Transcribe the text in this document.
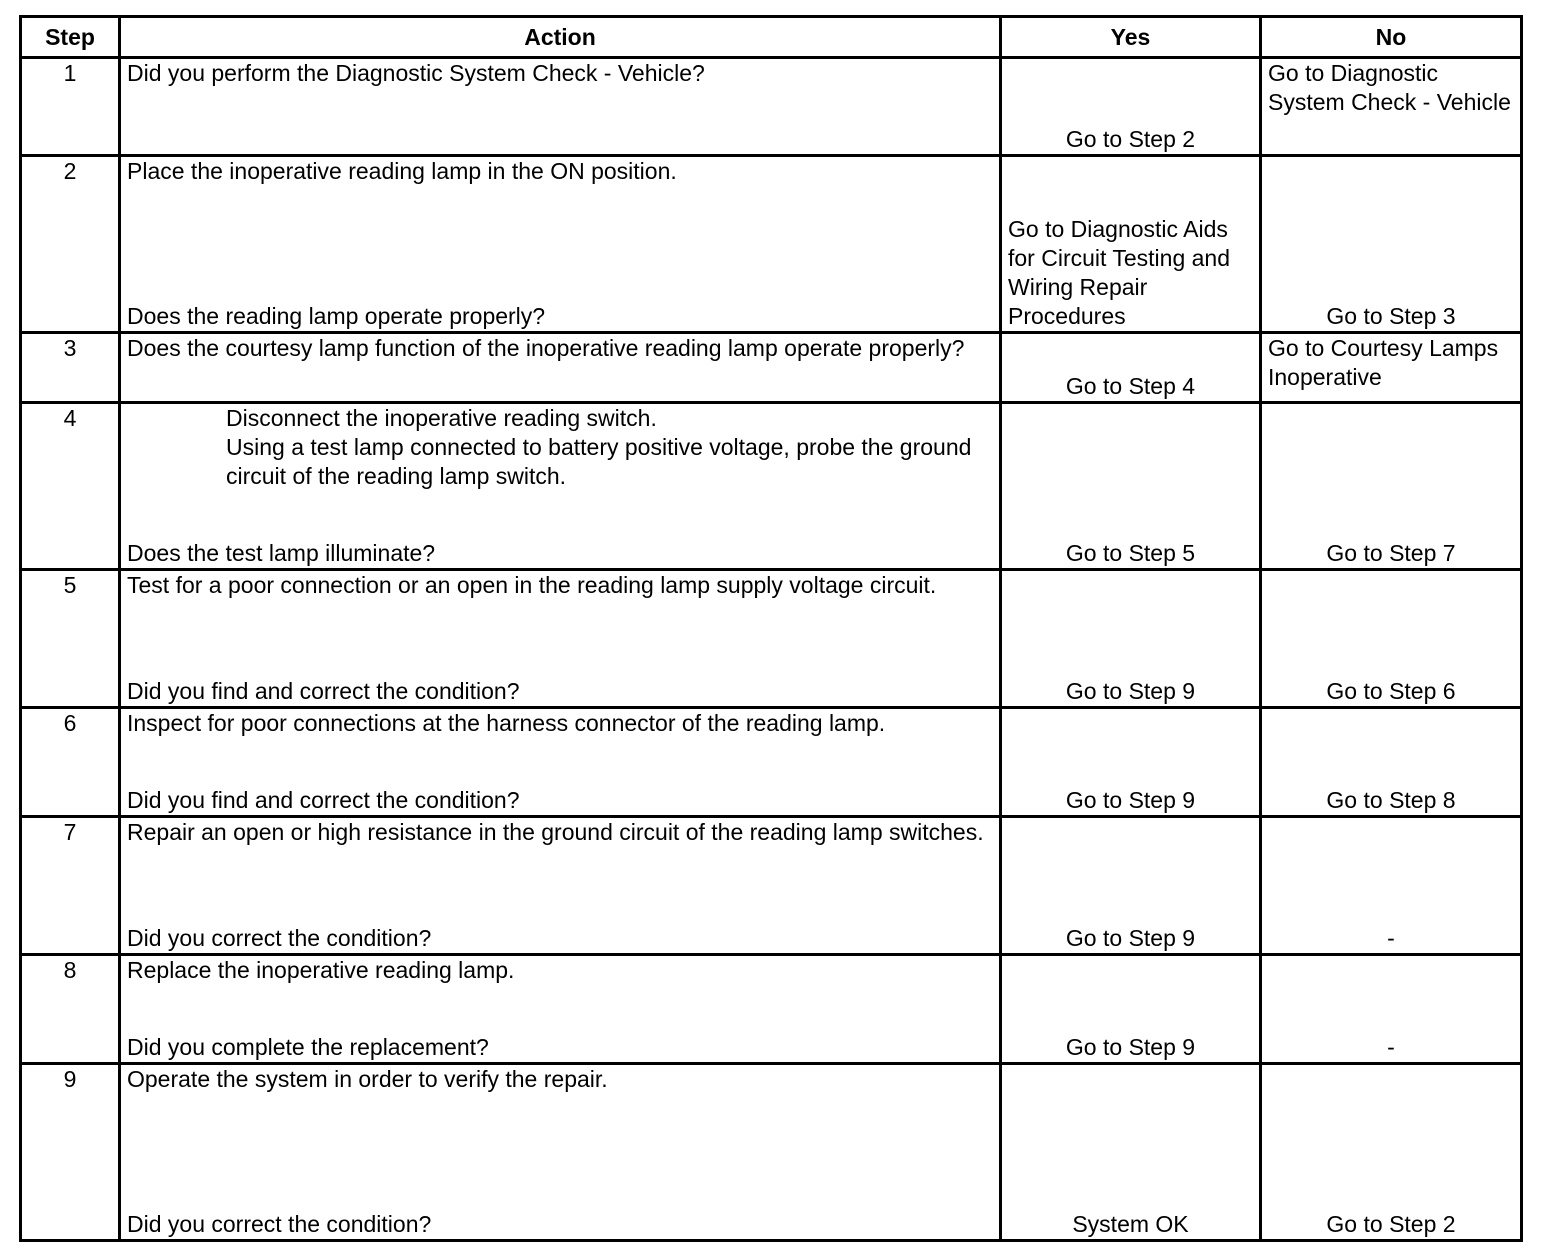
Step	Action	Yes	No
1	Did you perform the Diagnostic System Check - Vehicle?	Go to Step 2	Go to Diagnostic System Check - Vehicle

2	Place the inoperative reading lamp in the ON position.
Does the reading lamp operate properly?	Go to Diagnostic Aids for Circuit Testing and Wiring Repair Procedures	Go to Step 3

3	Does the courtesy lamp function of the inoperative reading lamp operate properly?	Go to Step 4	Go to Courtesy Lamps Inoperative

4	Disconnect the inoperative reading switch.
Using a test lamp connected to battery positive voltage, probe the ground circuit of the reading lamp switch.
Does the test lamp illuminate?	Go to Step 5	Go to Step 7

5	Test for a poor connection or an open in the reading lamp supply voltage circuit.
Did you find and correct the condition?	Go to Step 9	Go to Step 6

6	Inspect for poor connections at the harness connector of the reading lamp.
Did you find and correct the condition?	Go to Step 9	Go to Step 8

7	Repair an open or high resistance in the ground circuit of the reading lamp switches.
Did you correct the condition?	Go to Step 9	-

8	Replace the inoperative reading lamp.
Did you complete the replacement?	Go to Step 9	-

9	Operate the system in order to verify the repair.
Did you correct the condition?	System OK	Go to Step 2
